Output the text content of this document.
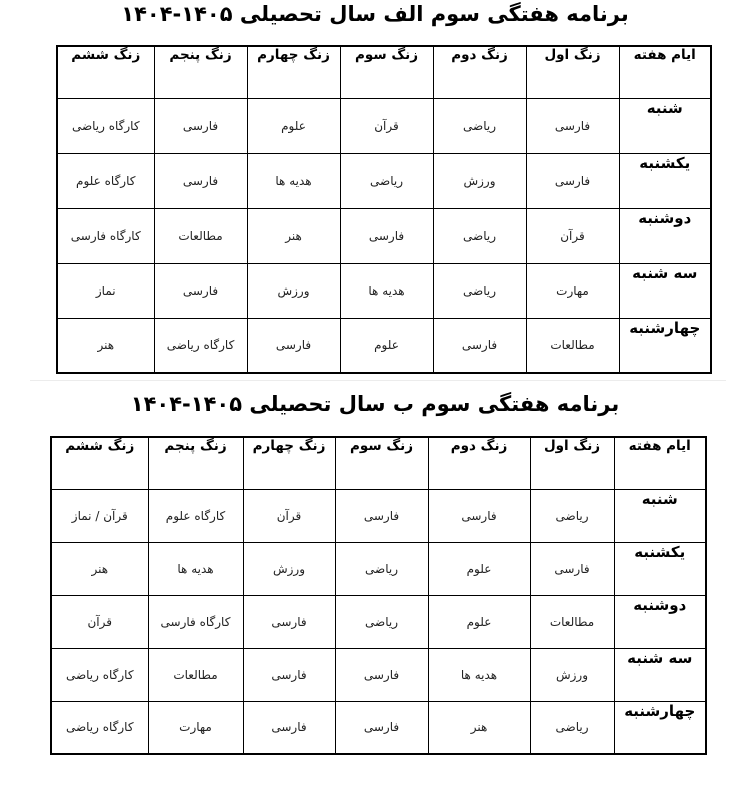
برنامه هفتگی سوم الف سال تحصیلی ۱۴۰۵-۱۴۰۴
ایام هفته	زنگ اول	زنگ دوم	زنگ سوم	زنگ چهارم	زنگ پنجم	زنگ ششم
شنبه	فارسی	ریاضی	قرآن	علوم	فارسی	کارگاه ریاضی
یکشنبه	فارسی	ورزش	ریاضی	هدیه ها	فارسی	کارگاه علوم
دوشنبه	قرآن	ریاضی	فارسی	هنر	مطالعات	کارگاه فارسی
سه شنبه	مهارت	ریاضی	هدیه ها	ورزش	فارسی	نماز
چهارشنبه	مطالعات	فارسی	علوم	فارسی	کارگاه ریاضی	هنر
برنامه هفتگی سوم ب سال تحصیلی ۱۴۰۵-۱۴۰۴
ایام هفته	زنگ اول	زنگ دوم	زنگ سوم	زنگ چهارم	زنگ پنجم	زنگ ششم
شنبه	ریاضی	فارسی	فارسی	قرآن	کارگاه علوم	قرآن / نماز
یکشنبه	فارسی	علوم	ریاضی	ورزش	هدیه ها	هنر
دوشنبه	مطالعات	علوم	ریاضی	فارسی	کارگاه فارسی	قرآن
سه شنبه	ورزش	هدیه ها	فارسی	فارسی	مطالعات	کارگاه ریاضی
چهارشنبه	ریاضی	هنر	فارسی	فارسی	مهارت	کارگاه ریاضی
